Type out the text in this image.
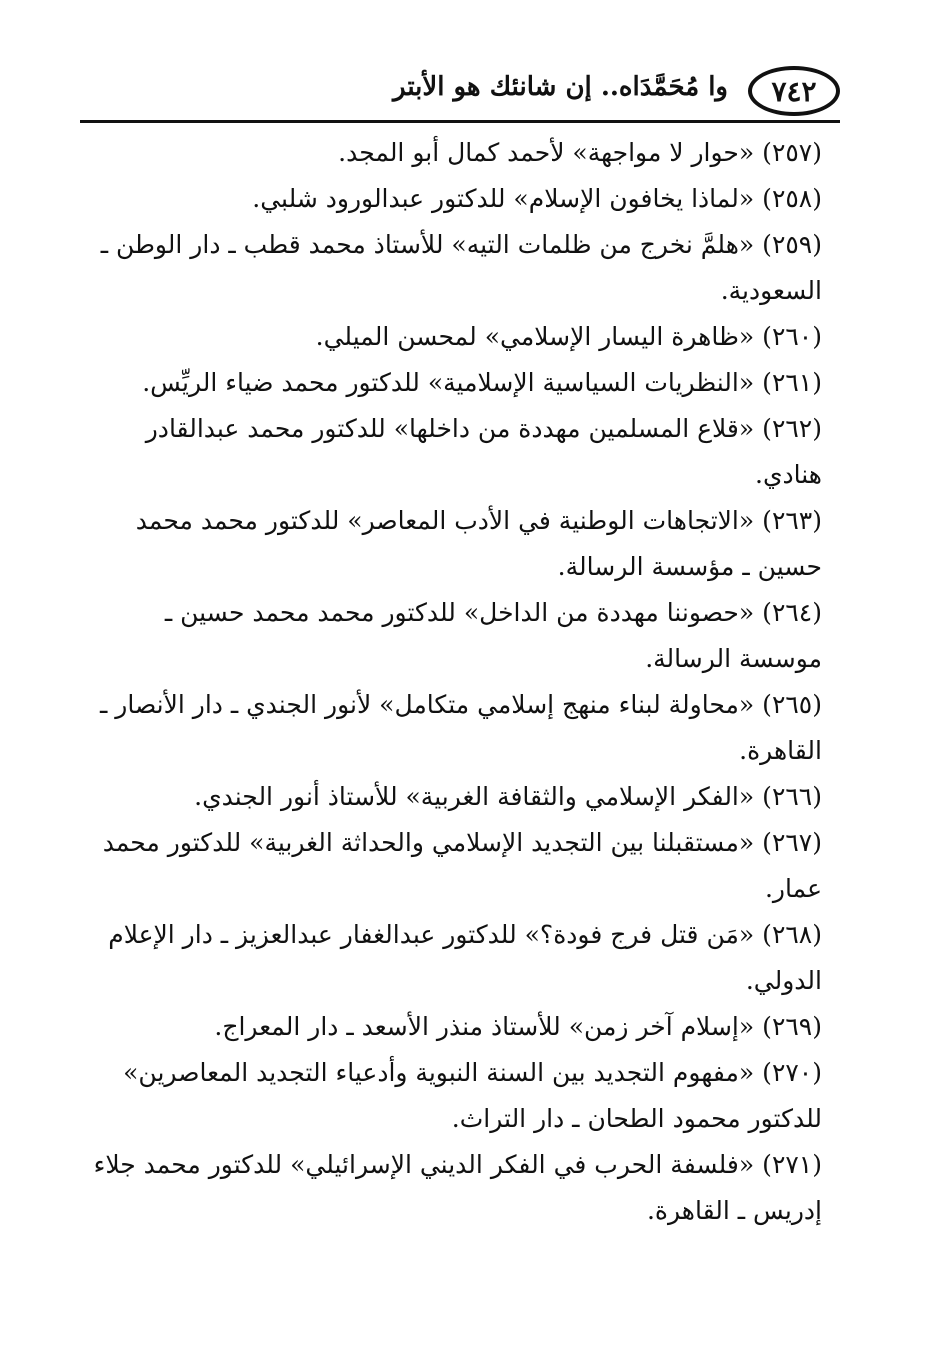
٧٤٢
وا مُحَمَّدَاه.. إن شانئك هو الأبتر

(٢٥٧)«حوار لا مواجهة» لأحمد كمال أبو المجد.

(٢٥٨)«لماذا يخافون الإسلام» للدكتور عبدالورود شلبي.

(٢٥٩)«هلمَّ نخرج من ظلمات التيه» للأستاذ محمد قطب ـ دار الوطن ـ السعودية.

(٢٦٠)«ظاهرة اليسار الإسلامي» لمحسن الميلي.

(٢٦١)«النظريات السياسية الإسلامية» للدكتور محمد ضياء الريِّس.

(٢٦٢)«قلاع المسلمين مهددة من داخلها» للدكتور محمد عبدالقادر هنادي.

(٢٦٣)«الاتجاهات الوطنية في الأدب المعاصر» للدكتور محمد محمد حسين ـ مؤسسة الرسالة.

(٢٦٤)«حصوننا مهددة من الداخل» للدكتور محمد محمد حسين ـ موسسة الرسالة.

(٢٦٥)«محاولة لبناء منهج إسلامي متكامل» لأنور الجندي ـ دار الأنصار ـ القاهرة.

(٢٦٦)«الفكر الإسلامي والثقافة الغربية» للأستاذ أنور الجندي.

(٢٦٧)«مستقبلنا بين التجديد الإسلامي والحداثة الغربية» للدكتور محمد عمار.

(٢٦٨)«مَن قتل فرج فودة؟» للدكتور عبدالغفار عبدالعزيز ـ دار الإعلام الدولي.

(٢٦٩)«إسلام آخر زمن» للأستاذ منذر الأسعد ـ دار المعراج.

(٢٧٠)«مفهوم التجديد بين السنة النبوية وأدعياء التجديد المعاصرين» للدكتور محمود الطحان ـ دار التراث.

(٢٧١)«فلسفة الحرب في الفكر الديني الإسرائيلي» للدكتور محمد جلاء إدريس ـ القاهرة.
